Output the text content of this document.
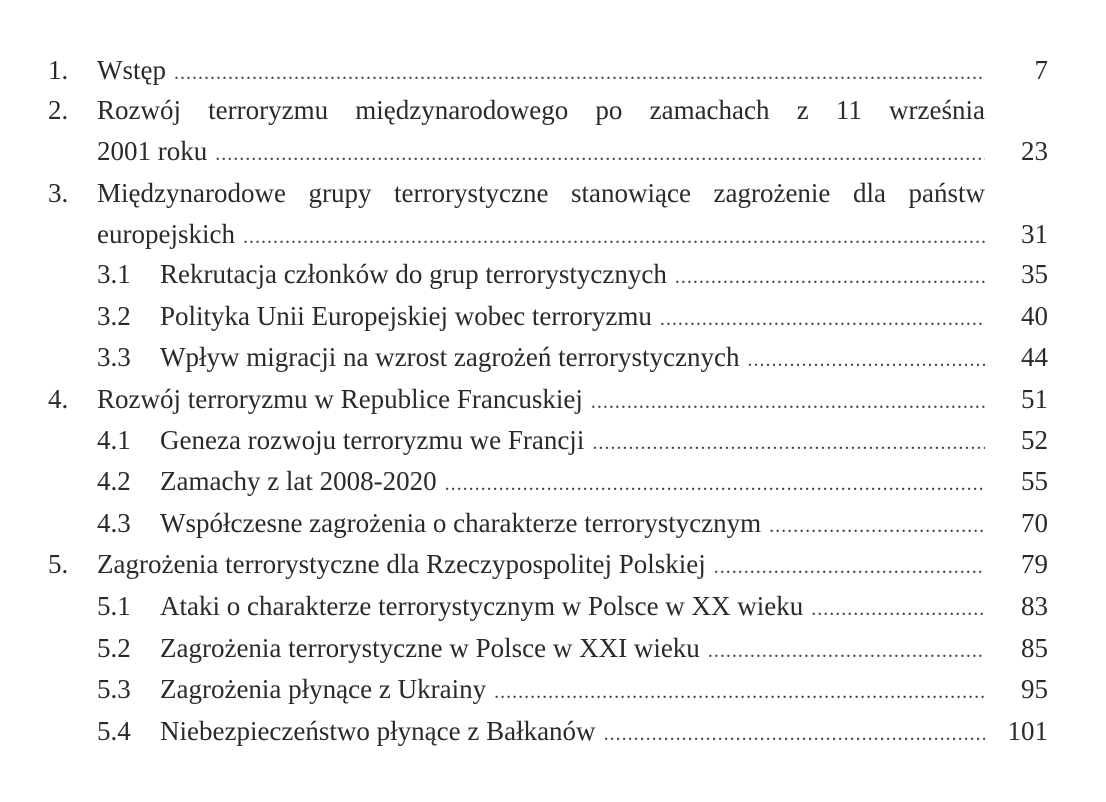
1. Wstęp .....	7
2. Rozwój terroryzmu międzynarodowego po zamachach z 11 września
2001 roku .....	23
3. Międzynarodowe grupy terrorystyczne stanowiące zagrożenie dla państw
europejskich .....	31
3.1 Rekrutacja członków do grup terrorystycznych .....	35
3.2 Polityka Unii Europejskiej wobec terroryzmu .....	40
3.3 Wpływ migracji na wzrost zagrożeń terrorystycznych .....	44
4. Rozwój terroryzmu w Republice Francuskiej .....	51
4.1 Geneza rozwoju terroryzmu we Francji .....	52
4.2 Zamachy z lat 2008-2020 .....	55
4.3 Współczesne zagrożenia o charakterze terrorystycznym .....	70
5. Zagrożenia terrorystyczne dla Rzeczypospolitej Polskiej .....	79
5.1 Ataki o charakterze terrorystycznym w Polsce w XX wieku .....	83
5.2 Zagrożenia terrorystyczne w Polsce w XXI wieku .....	85
5.3 Zagrożenia płynące z Ukrainy .....	95
5.4 Niebezpieczeństwo płynące z Bałkanów .....	101
